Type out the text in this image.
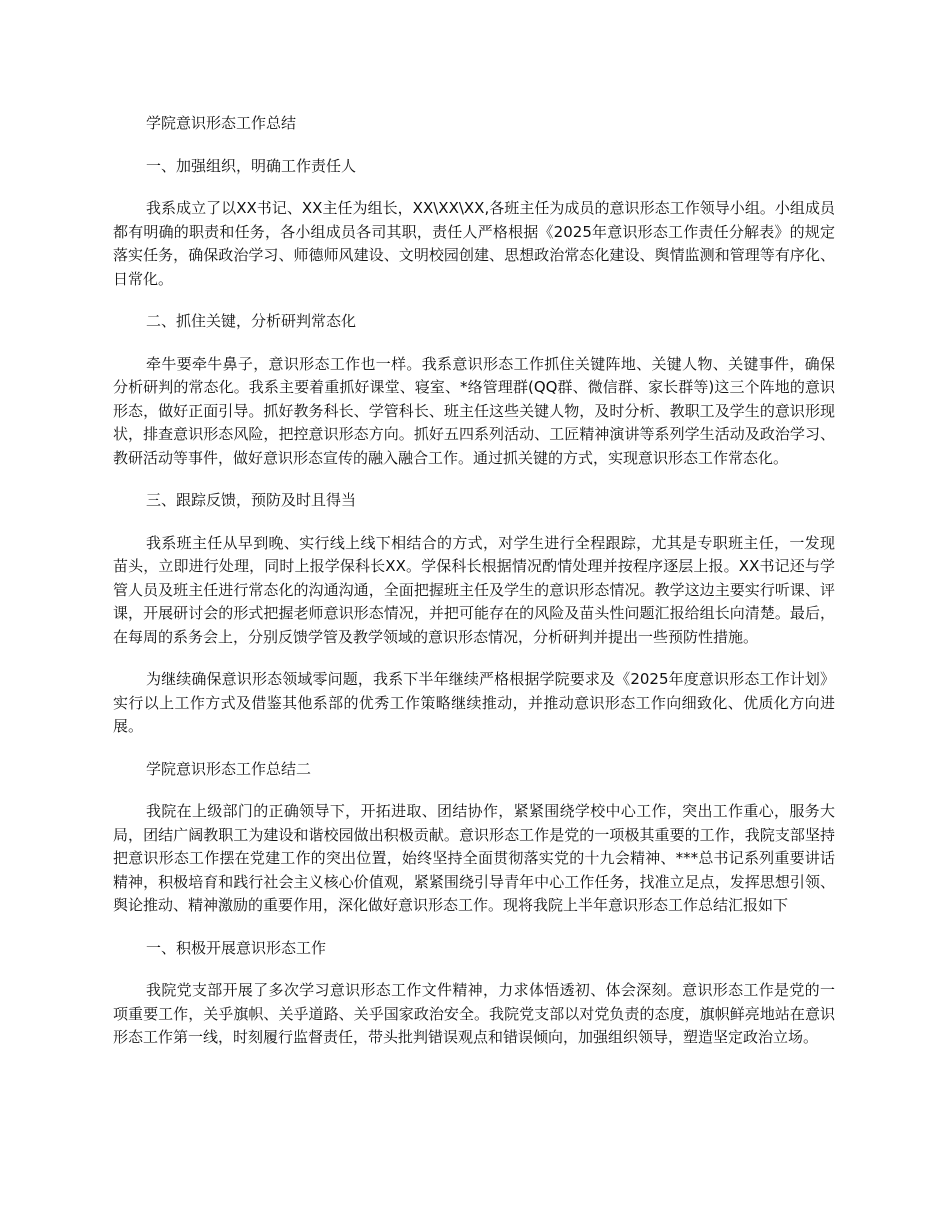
学院意识形态工作总结

一、加强组织，明确工作责任人

我系成立了以XX书记、XX主任为组长，XX\XX\XX,各班主任为成员的意识形态工作领导小组。小组成员都有明确的职责和任务，各小组成员各司其职，责任人严格根据《2025年意识形态工作责任分解表》的规定落实任务，确保政治学习、师德师风建设、文明校园创建、思想政治常态化建设、舆情监测和管理等有序化、日常化。

二、抓住关键，分析研判常态化

牵牛要牵牛鼻子，意识形态工作也一样。我系意识形态工作抓住关键阵地、关键人物、关键事件，确保分析研判的常态化。我系主要着重抓好课堂、寝室、*络管理群(QQ群、微信群、家长群等)这三个阵地的意识形态，做好正面引导。抓好教务科长、学管科长、班主任这些关键人物，及时分析、教职工及学生的意识形现状，排查意识形态风险，把控意识形态方向。抓好五四系列活动、工匠精神演讲等系列学生活动及政治学习、教研活动等事件，做好意识形态宣传的融入融合工作。通过抓关键的方式，实现意识形态工作常态化。

三、跟踪反馈，预防及时且得当

我系班主任从早到晚、实行线上线下相结合的方式，对学生进行全程跟踪，尤其是专职班主任，一发现苗头，立即进行处理，同时上报学保科长XX。学保科长根据情况酌情处理并按程序逐层上报。XX书记还与学管人员及班主任进行常态化的沟通沟通，全面把握班主任及学生的意识形态情况。教学这边主要实行听课、评课，开展研讨会的形式把握老师意识形态情况，并把可能存在的风险及苗头性问题汇报给组长向清楚。最后，在每周的系务会上，分别反馈学管及教学领域的意识形态情况，分析研判并提出一些预防性措施。

为继续确保意识形态领域零问题，我系下半年继续严格根据学院要求及《2025年度意识形态工作计划》实行以上工作方式及借鉴其他系部的优秀工作策略继续推动，并推动意识形态工作向细致化、优质化方向进展。

学院意识形态工作总结二

我院在上级部门的正确领导下，开拓进取、团结协作，紧紧围绕学校中心工作，突出工作重心，服务大局，团结广阔教职工为建设和谐校园做出积极贡献。意识形态工作是党的一项极其重要的工作，我院支部坚持把意识形态工作摆在党建工作的突出位置，始终坚持全面贯彻落实党的十九会精神、***总书记系列重要讲话精神，积极培育和践行社会主义核心价值观，紧紧围绕引导青年中心工作任务，找准立足点，发挥思想引领、舆论推动、精神激励的重要作用，深化做好意识形态工作。现将我院上半年意识形态工作总结汇报如下

一、积极开展意识形态工作

我院党支部开展了多次学习意识形态工作文件精神，力求体悟透初、体会深刻。意识形态工作是党的一项重要工作，关乎旗帜、关乎道路、关乎国家政治安全。我院党支部以对党负责的态度，旗帜鲜亮地站在意识形态工作第一线，时刻履行监督责任，带头批判错误观点和错误倾向，加强组织领导，塑造坚定政治立场。
